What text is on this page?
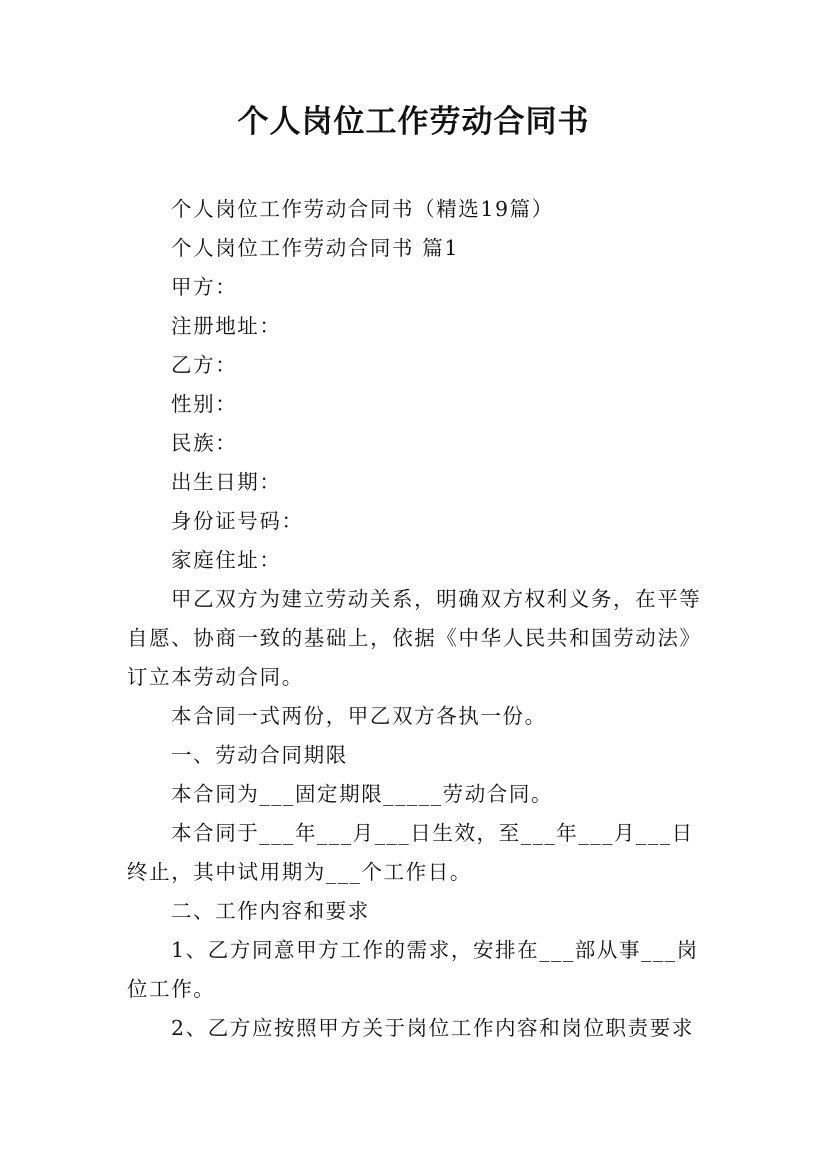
个人岗位工作劳动合同书

个人岗位工作劳动合同书（精选19篇）

个人岗位工作劳动合同书 篇1

甲方：

注册地址：

乙方：

性别：

民族：

出生日期：

身份证号码：

家庭住址：

甲乙双方为建立劳动关系，明确双方权利义务，在平等自愿、协商一致的基础上，依据《中华人民共和国劳动法》订立本劳动合同。

本合同一式两份，甲乙双方各执一份。

一、劳动合同期限

本合同为___固定期限_____劳动合同。

本合同于___年___月___日生效，至___年___月___日终止，其中试用期为___个工作日。

二、工作内容和要求

1、乙方同意甲方工作的需求，安排在___部从事___岗位工作。

2、乙方应按照甲方关于岗位工作内容和岗位职责要求
